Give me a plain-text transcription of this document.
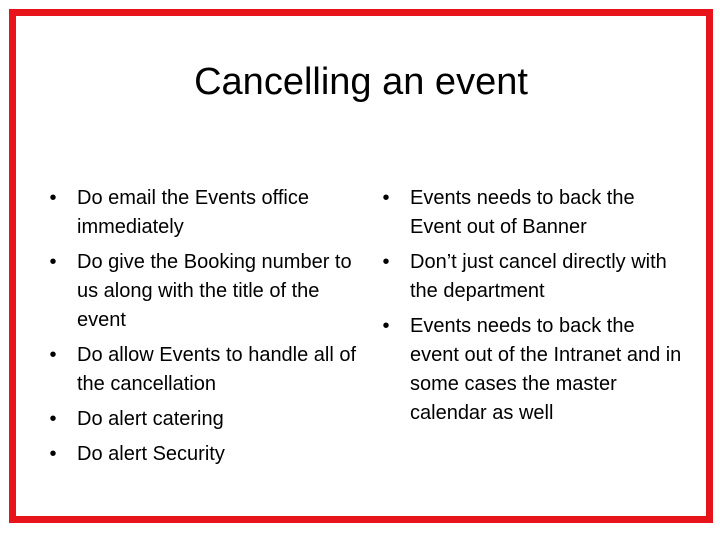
Cancelling an event
•	Do email the Events office immediately
•	Do give the Booking number to us along with the title of the event
•	Do allow Events to handle all of the cancellation
•	Do alert catering
•	Do alert Security
•	Events needs to back the Event out of Banner
•	Don’t just cancel directly with the department
•	Events needs to back the event out of the Intranet and in some cases the master calendar as well
